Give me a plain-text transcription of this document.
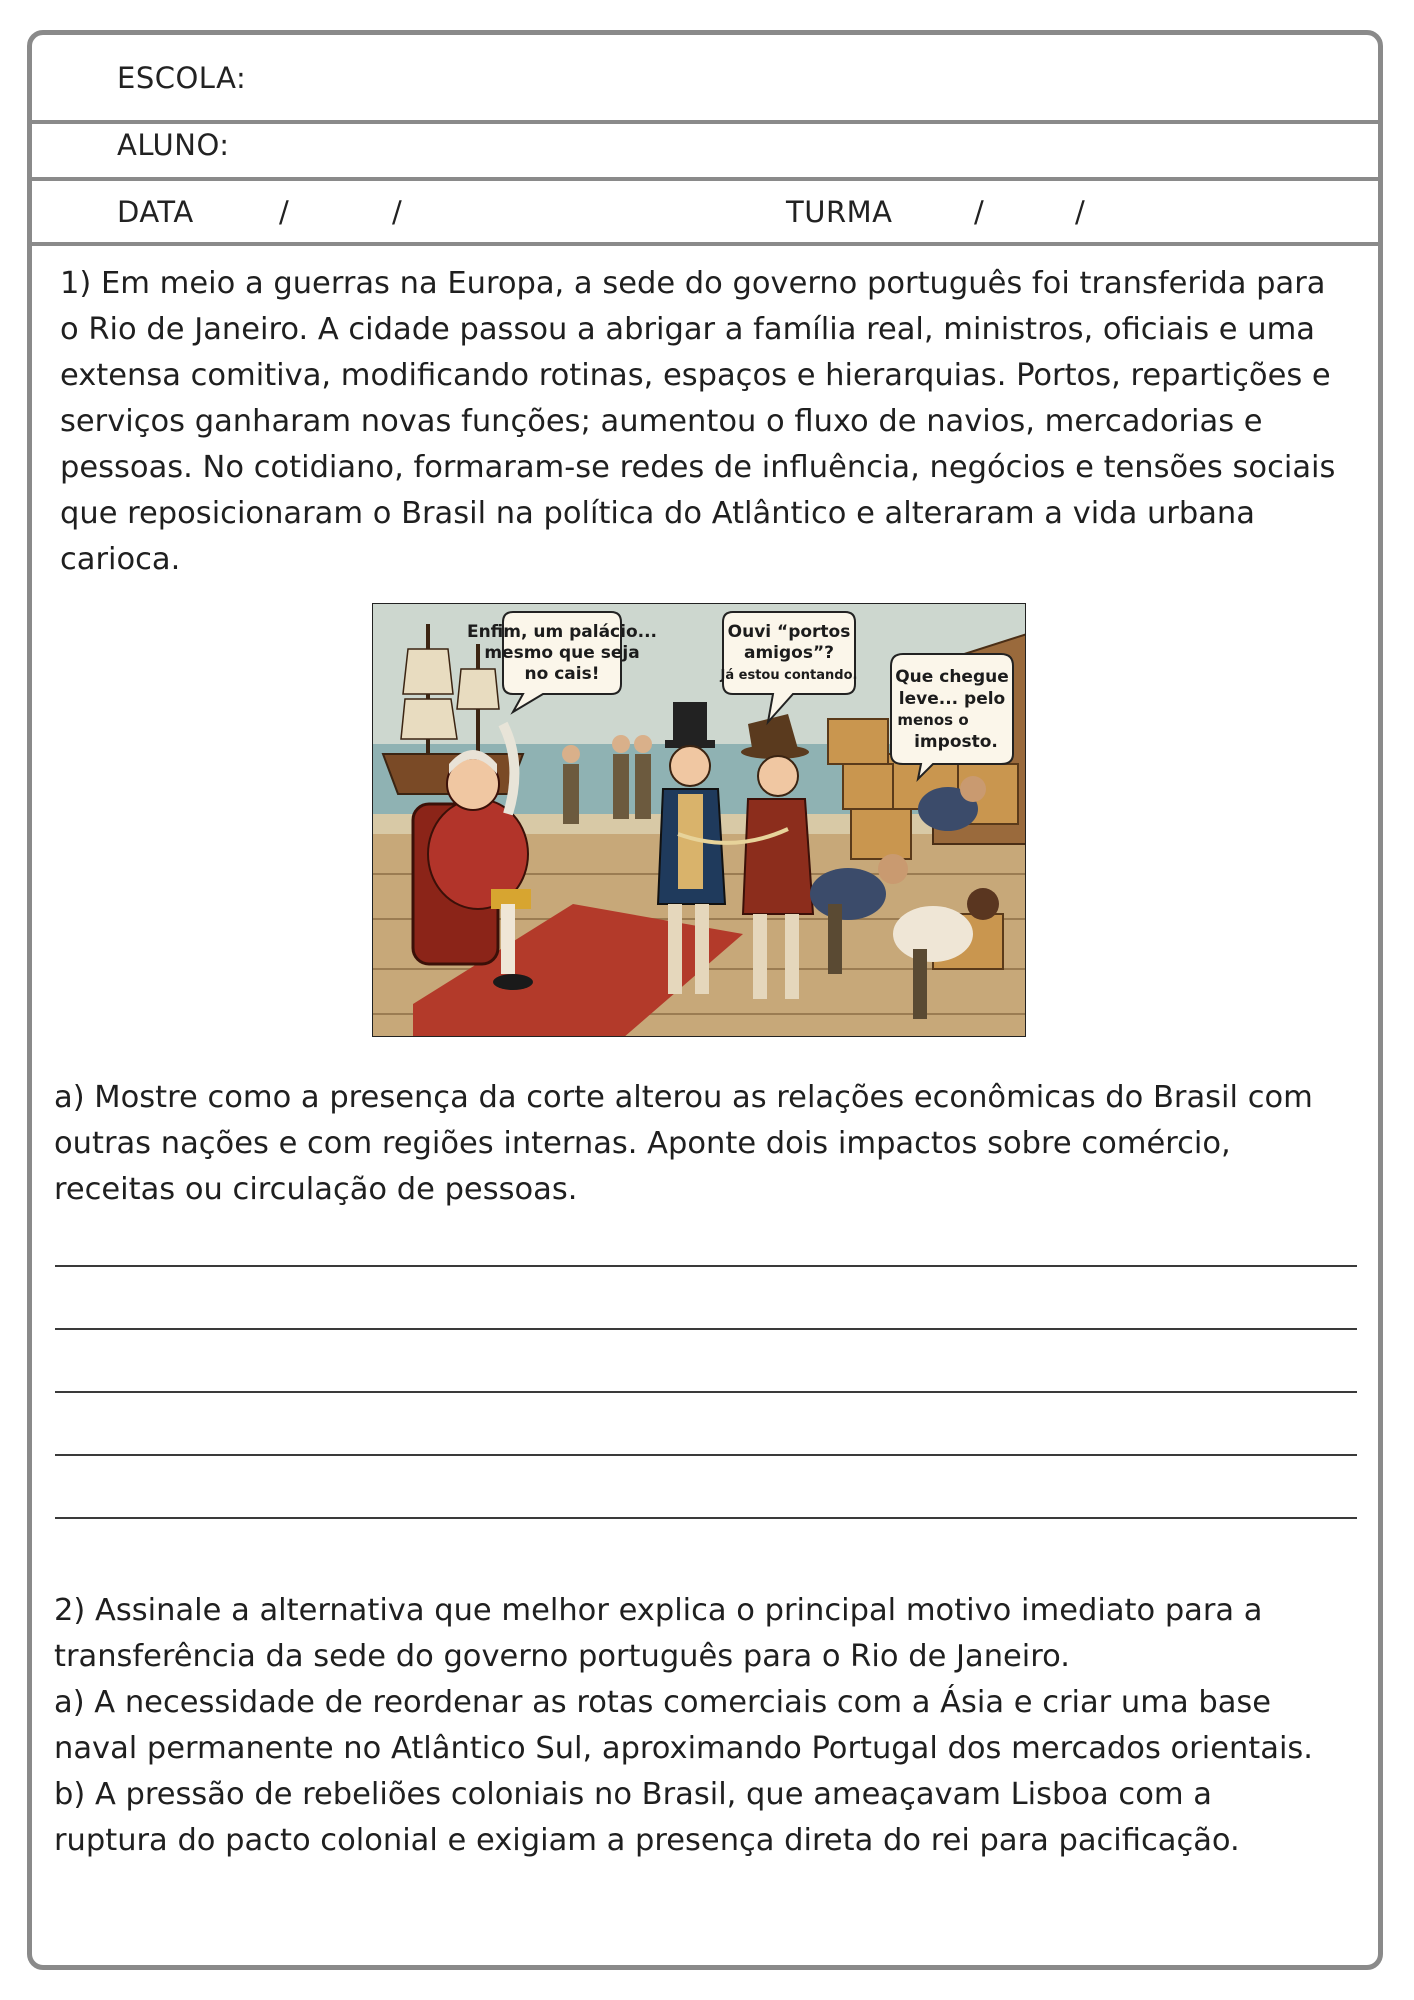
ESCOLA:
ALUNO:
DATA	/	/	TURMA	/	/

1) Em meio a guerras na Europa, a sede do governo português foi transferida para
o Rio de Janeiro. A cidade passou a abrigar a família real, ministros, oficiais e uma
extensa comitiva, modificando rotinas, espaços e hierarquias. Portos, repartições e
serviços ganharam novas funções; aumentou o fluxo de navios, mercadorias e
pessoas. No cotidiano, formaram-se redes de influência, negócios e tensões sociais
que reposicionaram o Brasil na política do Atlântico e alteraram a vida urbana
carioca.

Enfim, um palácio...
mesmo que seja
no cais!
Ouvi “portos
amigos”?
Já estou contando. Que chegue
leve... pelo
menos o
imposto.

a) Mostre como a presença da corte alterou as relações econômicas do Brasil com
outras nações e com regiões internas. Aponte dois impactos sobre comércio,
receitas ou circulação de pessoas.

2) Assinale a alternativa que melhor explica o principal motivo imediato para a
transferência da sede do governo português para o Rio de Janeiro.
a) A necessidade de reordenar as rotas comerciais com a Ásia e criar uma base
naval permanente no Atlântico Sul, aproximando Portugal dos mercados orientais.
b) A pressão de rebeliões coloniais no Brasil, que ameaçavam Lisboa com a
ruptura do pacto colonial e exigiam a presença direta do rei para pacificação.
